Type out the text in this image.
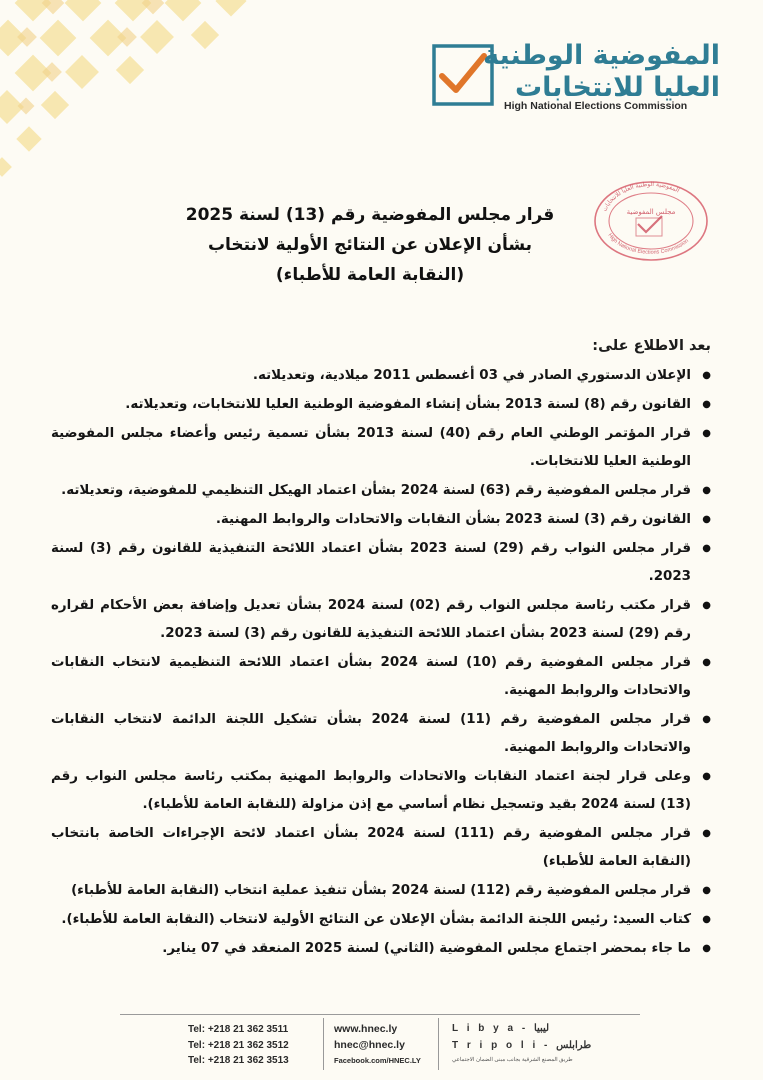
المفوضية الوطنية
العليا للانتخابات
High National Elections Commission
المفوضية الوطنية العليا للانتخابات
مجلس المفوضية
High National Elections Commission
قرار مجلس المفوضية رقم (13) لسنة 2025
بشأن الإعلان عن النتائج الأولية لانتخاب
(النقابة العامة للأطباء)
بعد الاطلاع على:
● الإعلان الدستوري الصادر في 03 أغسطس 2011 ميلادية، وتعديلاته.
● القانون رقم (8) لسنة 2013 بشأن إنشاء المفوضية الوطنية العليا للانتخابات، وتعديلاته.
● قرار المؤتمر الوطني العام رقم (40) لسنة 2013 بشأن تسمية رئيس وأعضاء مجلس المفوضية الوطنية العليا للانتخابات.
● قرار مجلس المفوضية رقم (63) لسنة 2024 بشأن اعتماد الهيكل التنظيمي للمفوضية، وتعديلاته.
● القانون رقم (3) لسنة 2023 بشأن النقابات والاتحادات والروابط المهنية.
● قرار مجلس النواب رقم (29) لسنة 2023 بشأن اعتماد اللائحة التنفيذية للقانون رقم (3) لسنة 2023.
● قرار مكتب رئاسة مجلس النواب رقم (02) لسنة 2024 بشأن تعديل وإضافة بعض الأحكام لقراره رقم (29) لسنة 2023 بشأن اعتماد اللائحة التنفيذية للقانون رقم (3) لسنة 2023.
● قرار مجلس المفوضية رقم (10) لسنة 2024 بشأن اعتماد اللائحة التنظيمية لانتخاب النقابات والاتحادات والروابط المهنية.
● قرار مجلس المفوضية رقم (11) لسنة 2024 بشأن تشكيل اللجنة الدائمة لانتخاب النقابات والاتحادات والروابط المهنية.
● وعلى قرار لجنة اعتماد النقابات والاتحادات والروابط المهنية بمكتب رئاسة مجلس النواب رقم (13) لسنة 2024 بقيد وتسجيل نظام أساسي مع إذن مزاولة (للنقابة العامة للأطباء).
● قرار مجلس المفوضية رقم (111) لسنة 2024 بشأن اعتماد لائحة الإجراءات الخاصة بانتخاب (النقابة العامة للأطباء)
● قرار مجلس المفوضية رقم (112) لسنة 2024 بشأن تنفيذ عملية انتخاب (النقابة العامة للأطباء)
● كتاب السيد: رئيس اللجنة الدائمة بشأن الإعلان عن النتائج الأولية لانتخاب (النقابة العامة للأطباء).
● ما جاء بمحضر اجتماع مجلس المفوضية (الثاني) لسنة 2025 المنعقد في 07 يناير.
Tel: +218 21 362 3511
Tel: +218 21 362 3512
Tel: +218 21 362 3513
www.hnec.ly
hnec@hnec.ly
Facebook.com/HNEC.LY
L i b y a - ليبيا
T r i p o l i - طرابلس
طريق المصنع الشرقية بجانب مبنى الضمان الاجتماعي
